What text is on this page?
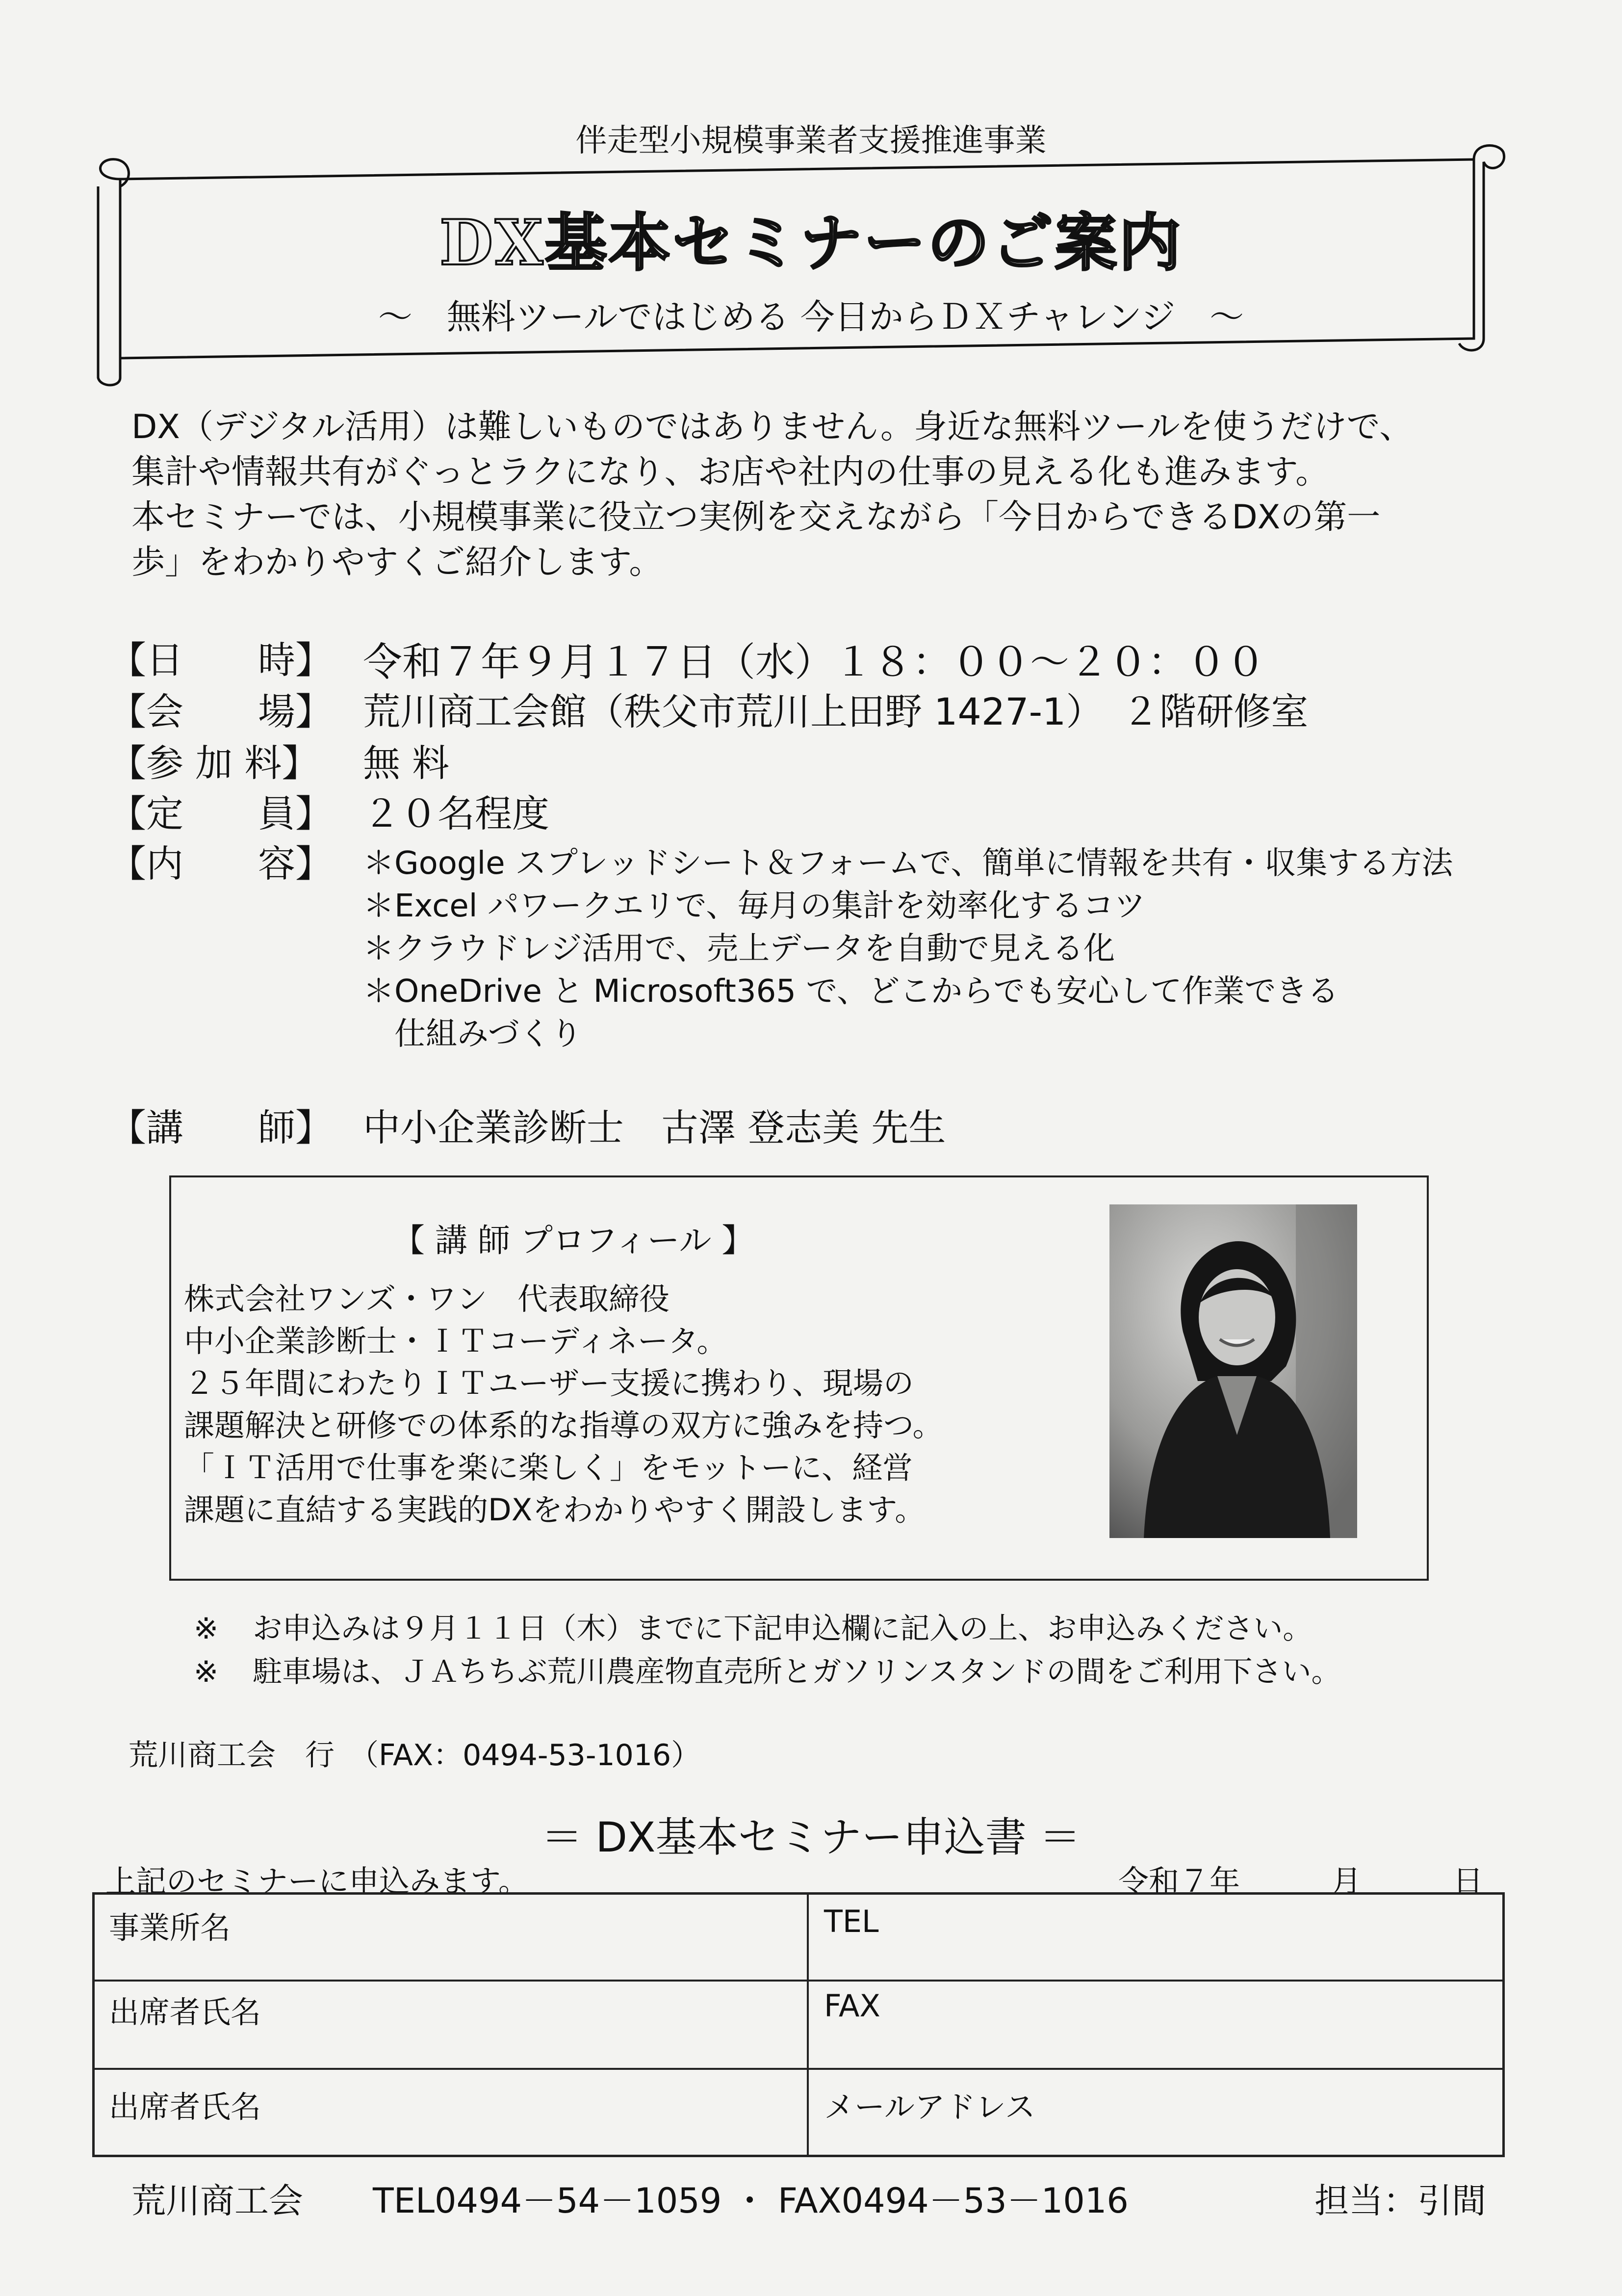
伴走型小規模事業者支援推進事業
DX基本セミナーのご案内
～　無料ツールではじめる 今日からＤＸチャレンジ　～

DX（デジタル活用）は難しいものではありません。身近な無料ツールを使うだけで、

集計や情報共有がぐっとラクになり、お店や社内の仕事の見える化も進みます。

本セミナーでは、小規模事業に役立つ実例を交えながら「今日からできるDXの第一

歩」をわかりやすくご紹介します。

【日　　時】 令和７年９月１７日（水）１８：００～２０：００
【会　　場】 荒川商工会館（秩父市荒川上田野 1427-1）　２階研修室
【参 加 料】 無 料
【定　　員】 ２０名程度
【内　　容】 ＊Google スプレッドシート＆フォームで、簡単に情報を共有・収集する方法
＊Excel パワークエリで、毎月の集計を効率化するコツ
＊クラウドレジ活用で、売上データを自動で見える化
＊OneDrive と Microsoft365 で、どこからでも安心して作業できる
　仕組みづくり
【講　　師】 中小企業診断士　古澤 登志美 先生
【 講 師 プロフィール 】
株式会社ワンズ・ワン　代表取締役
中小企業診断士・ＩＴコーディネータ。
２５年間にわたりＩＴユーザー支援に携わり、現場の
課題解決と研修での体系的な指導の双方に強みを持つ。
「ＩＴ活用で仕事を楽に楽しく」をモットーに、経営
課題に直結する実践的DXをわかりやすく開設します。
※ お申込みは９月１１日（木）までに下記申込欄に記入の上、お申込みください。
※ 駐車場は、ＪＡちちぶ荒川農産物直売所とガソリンスタンドの間をご利用下さい。
荒川商工会　行　（FAX：0494-53-1016）
＝ DX基本セミナー申込書 ＝
上記のセミナーに申込みます。	令和７年　　　月　　　日
事業所名	TEL
出席者氏名	FAX
出席者氏名	メールアドレス
荒川商工会 TEL0494－54－1059 ・ FAX0494－53－1016	担当：引間
